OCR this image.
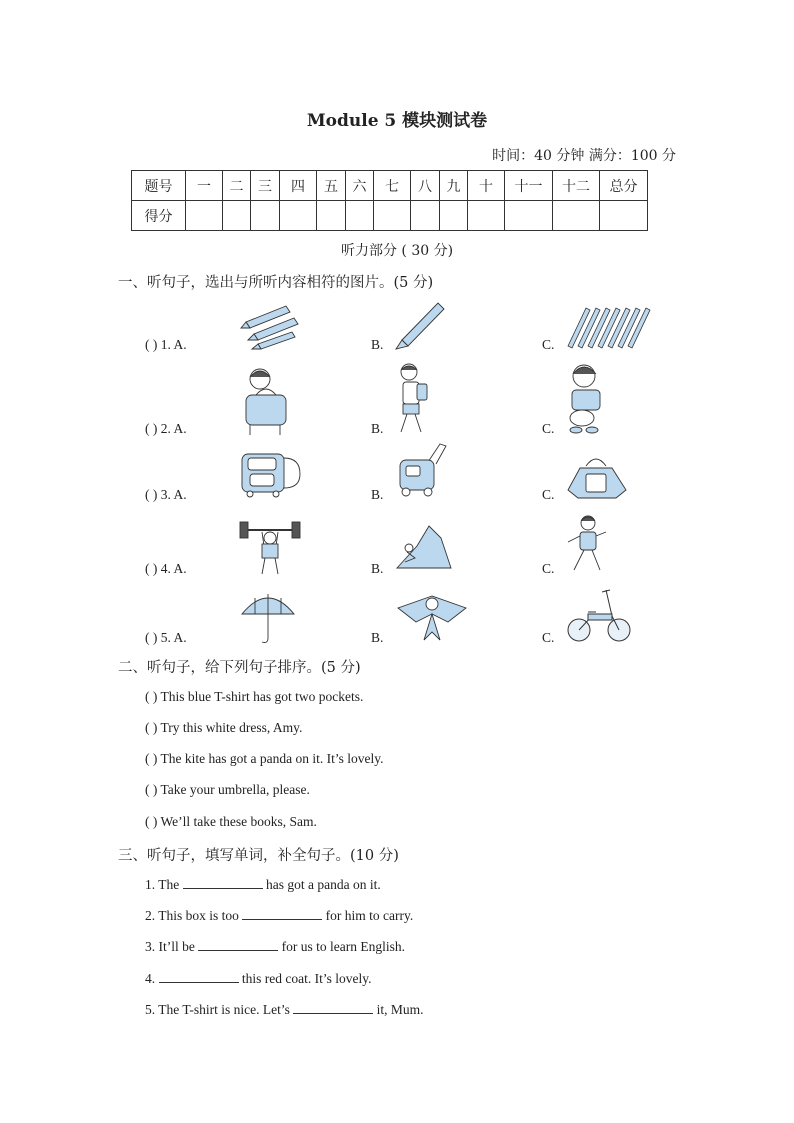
Module 5 模块测试卷
时间：40 分钟 满分：100 分
题号	一	二	三	四	五	六	七	八	九	十	十一	十二	总分
得分													
听力部分 ( 30 分)
一、听句子，选出与所听内容相符的图片。(5 分)
( ) 1. A.	B.	C.
( ) 2. A.	B.	C.
( ) 3. A.	B.	C.
( ) 4. A.	B.	C.
( ) 5. A.	B.	C.
二、听句子，给下列句子排序。(5 分)
( ) This blue T-shirt has got two pockets.
( ) Try this white dress, Amy.
( ) The kite has got a panda on it. It’s lovely.
( ) Take your umbrella, please.
( ) We’ll take these books, Sam.
三、听句子，填写单词，补全句子。(10 分)
1. The	has got a panda on it.
2. This box is too	for him to carry.
3. It’ll be	for us to learn English.
4.	this red coat. It’s lovely.
5. The T-shirt is nice. Let’s	it, Mum.
